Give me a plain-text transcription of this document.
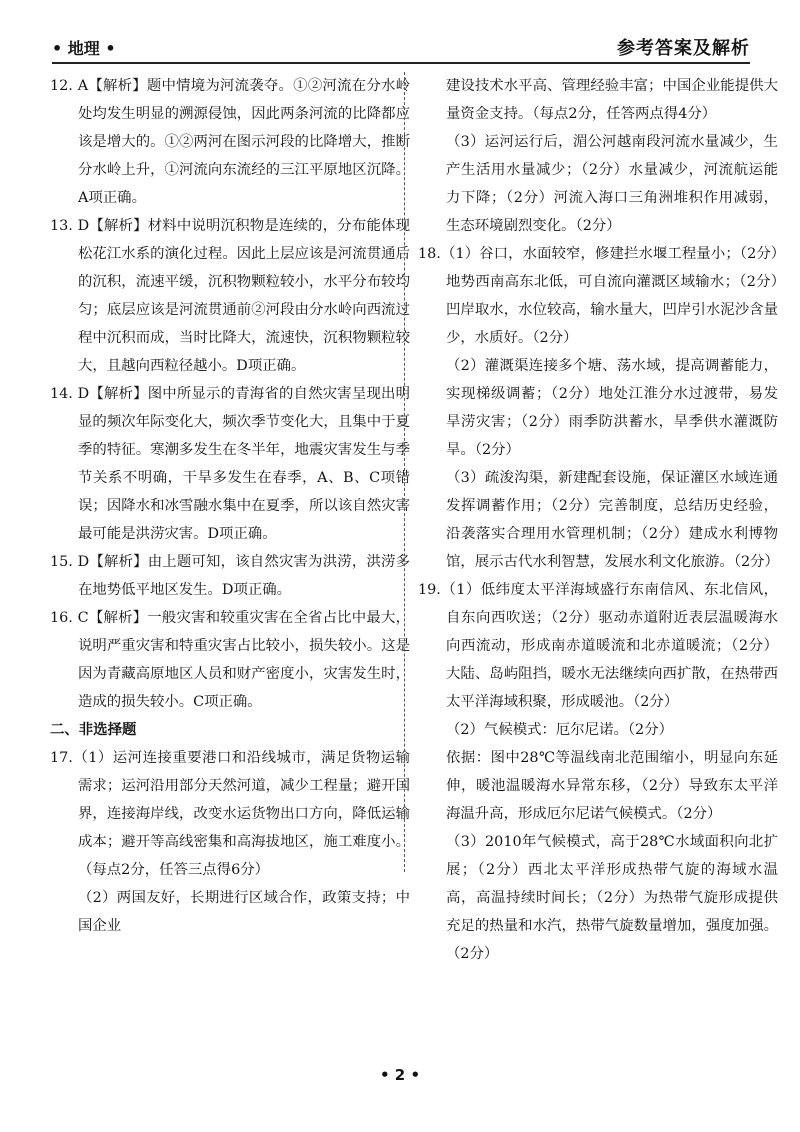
• 地理 •	参考答案及解析

12. A【解析】题中情境为河流袭夺。①②河流在分水岭处均发生明显的溯源侵蚀，因此两条河流的比降都应该是增大的。①②两河在图示河段的比降增大，推断分水岭上升，①河流向东流经的三江平原地区沉降。A项正确。

13. D【解析】材料中说明沉积物是连续的，分布能体现松花江水系的演化过程。因此上层应该是河流贯通后的沉积，流速平缓，沉积物颗粒较小，水平分布较均匀；底层应该是河流贯通前②河段由分水岭向西流过程中沉积而成，当时比降大，流速快，沉积物颗粒较大，且越向西粒径越小。D项正确。

14. D【解析】图中所显示的青海省的自然灾害呈现出明显的频次年际变化大，频次季节变化大，且集中于夏季的特征。寒潮多发生在冬半年，地震灾害发生与季节关系不明确，干旱多发生在春季，A、B、C项错误；因降水和冰雪融水集中在夏季，所以该自然灾害最可能是洪涝灾害。D项正确。

15. D【解析】由上题可知，该自然灾害为洪涝，洪涝多在地势低平地区发生。D项正确。

16. C【解析】一般灾害和较重灾害在全省占比中最大，说明严重灾害和特重灾害占比较小，损失较小。这是因为青藏高原地区人员和财产密度小，灾害发生时，造成的损失较小。C项正确。

二、非选择题

17.（1）运河连接重要港口和沿线城市，满足货物运输需求；运河沿用部分天然河道，减少工程量；避开国界，连接海岸线，改变水运货物出口方向，降低运输成本；避开等高线密集和高海拔地区，施工难度小。（每点2分，任答三点得6分）

（2）两国友好，长期进行区域合作，政策支持；中国企业

建设技术水平高、管理经验丰富；中国企业能提供大量资金支持。（每点2分，任答两点得4分）

（3）运河运行后，湄公河越南段河流水量减少，生产生活用水量减少；（2分）水量减少，河流航运能力下降；（2分）河流入海口三角洲堆积作用减弱，生态环境剧烈变化。（2分）

18.（1）谷口，水面较窄，修建拦水堰工程量小；（2分）地势西南高东北低，可自流向灌溉区域输水；（2分）凹岸取水，水位较高，输水量大，凹岸引水泥沙含量少，水质好。（2分）

（2）灌溉渠连接多个塘、荡水域，提高调蓄能力，实现梯级调蓄；（2分）地处江淮分水过渡带，易发旱涝灾害；（2分）雨季防洪蓄水，旱季供水灌溉防旱。（2分）

（3）疏浚沟渠，新建配套设施，保证灌区水域连通发挥调蓄作用；（2分）完善制度，总结历史经验，沿袭落实合理用水管理机制；（2分）建成水利博物馆，展示古代水利智慧，发展水利文化旅游。（2分）

19.（1）低纬度太平洋海域盛行东南信风、东北信风，自东向西吹送；（2分）驱动赤道附近表层温暖海水向西流动，形成南赤道暖流和北赤道暖流；（2分）大陆、岛屿阻挡，暖水无法继续向西扩散，在热带西太平洋海域积聚，形成暖池。（2分）

（2）气候模式：厄尔尼诺。（2分）

依据：图中28℃等温线南北范围缩小，明显向东延伸，暖池温暖海水异常东移，（2分）导致东太平洋海温升高，形成厄尔尼诺气候模式。（2分）

（3）2010年气候模式，高于28℃水域面积向北扩展；（2分）西北太平洋形成热带气旋的海域水温高，高温持续时间长；（2分）为热带气旋形成提供充足的热量和水汽，热带气旋数量增加，强度加强。（2分）

• 2 •
